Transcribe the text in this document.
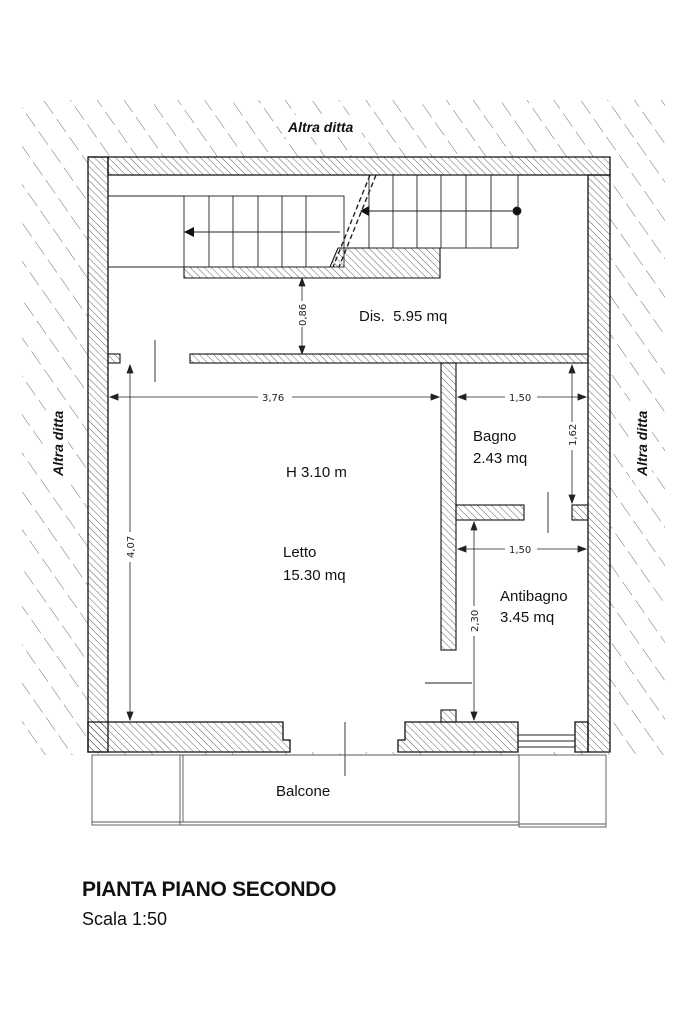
0,86
3,76
4,07
1,50
1,62
1,50
2,30
Altra ditta
Altra ditta	Altra ditta
Dis.  5.95 mq
H 3.10 m
Letto
15.30 mq
Bagno
2.43 mq
Antibagno
3.45 mq
Balcone
PIANTA PIANO SECONDO
Scala 1:50
